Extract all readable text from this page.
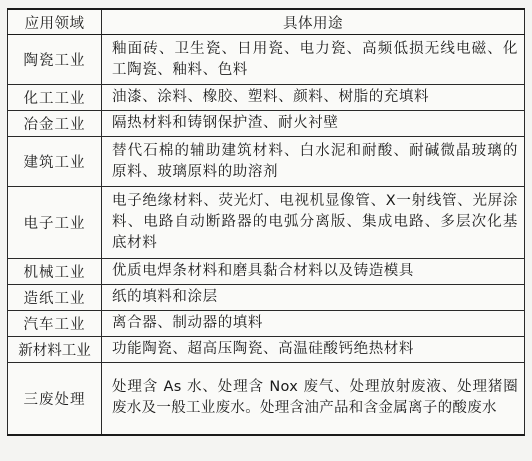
应用领域	具体用途
陶瓷工业	釉面砖、卫生瓷、日用瓷、电力瓷、高频低损无线电磁、化工陶瓷、釉料、色料
化工工业	油漆、涂料、橡胶、塑料、颜料、树脂的充填料
冶金工业	隔热材料和铸钢保护渣、耐火衬壁
建筑工业	替代石棉的辅助建筑材料、白水泥和耐酸、耐碱微晶玻璃的原料、玻璃原料的助溶剂
电子工业	电子绝缘材料、荧光灯、电视机显像管、X一射线管、光屏涂料、电路自动断路器的电弧分离版、集成电路、多层次化基底材料
机械工业	优质电焊条材料和磨具黏合材料以及铸造模具
造纸工业	纸的填料和涂层
汽车工业	离合器、制动器的填料
新材料工业	功能陶瓷、超高压陶瓷、高温硅酸钙绝热材料
三废处理	处理含 As 水、处理含 Nox 废气、处理放射废液、处理猪圈废水及一般工业废水。处理含油产品和含金属离子的酸废水
